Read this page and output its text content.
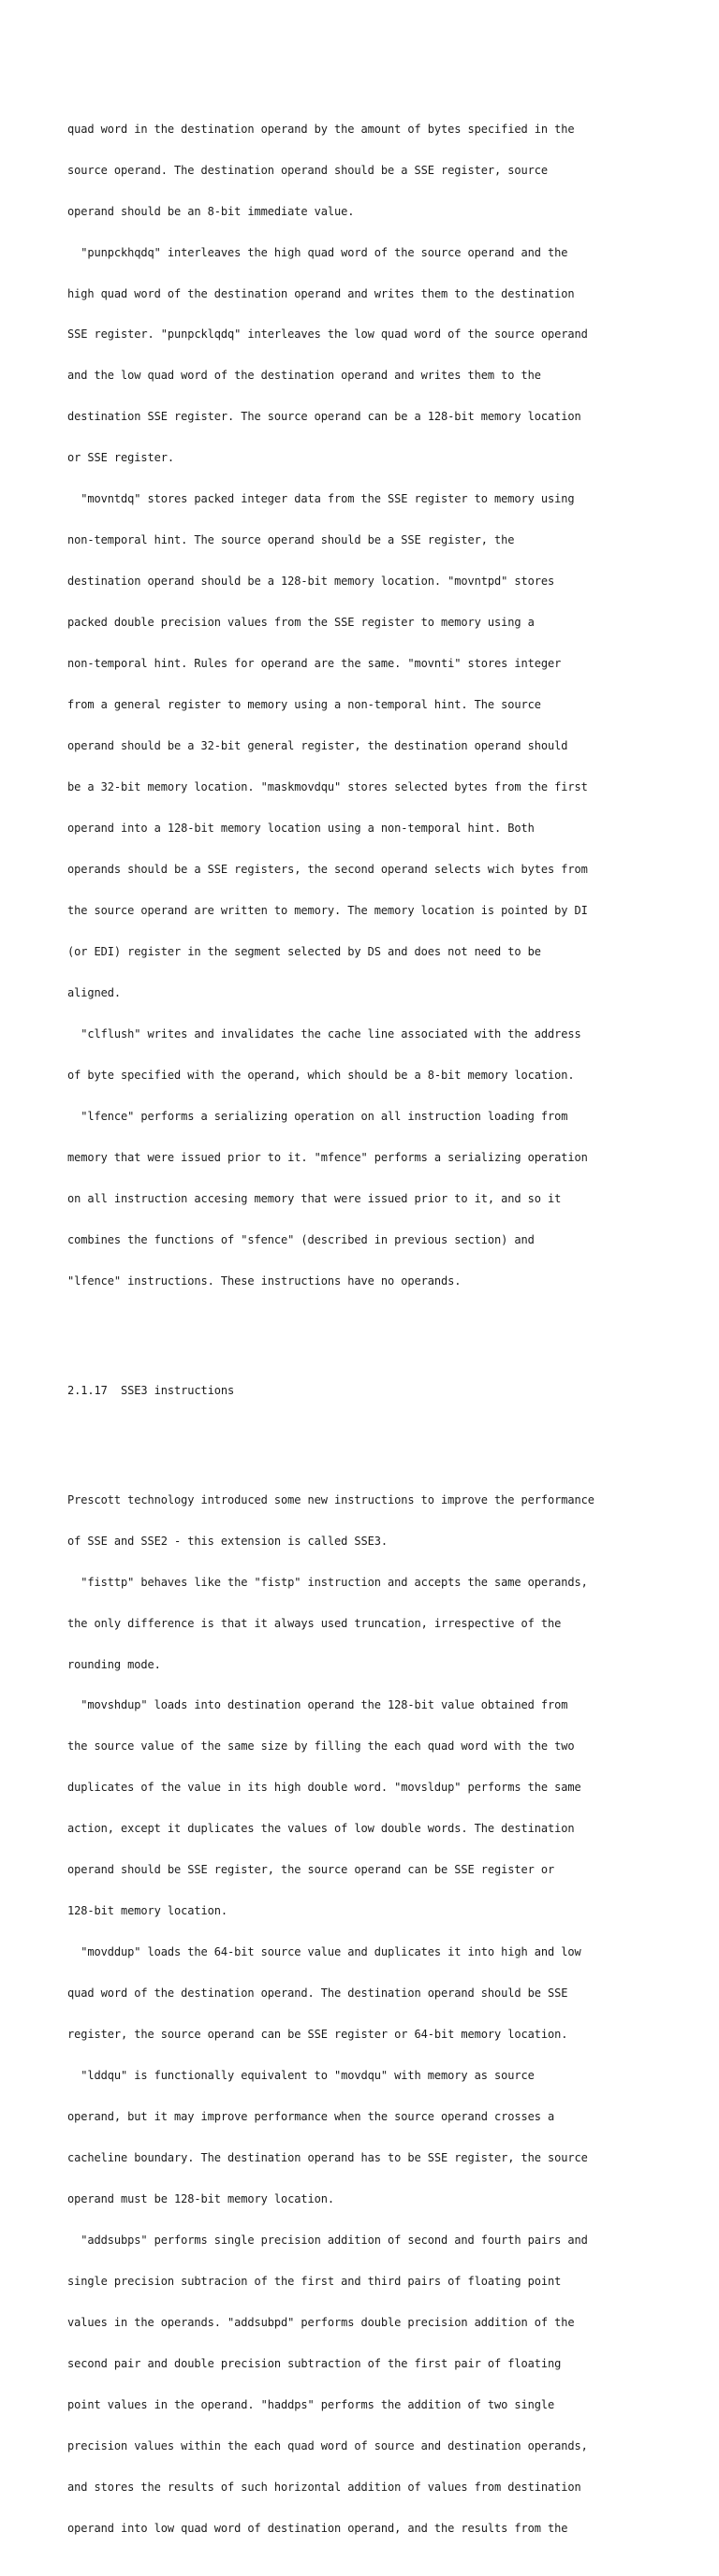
quad word in the destination operand by the amount of bytes specified in the

source operand. The destination operand should be a SSE register, source

operand should be an 8-bit immediate value.

"punpckhqdq" interleaves the high quad word of the source operand and the

high quad word of the destination operand and writes them to the destination

SSE register. "punpcklqdq" interleaves the low quad word of the source operand

and the low quad word of the destination operand and writes them to the

destination SSE register. The source operand can be a 128-bit memory location

or SSE register.

"movntdq" stores packed integer data from the SSE register to memory using

non-temporal hint. The source operand should be a SSE register, the

destination operand should be a 128-bit memory location. "movntpd" stores

packed double precision values from the SSE register to memory using a

non-temporal hint. Rules for operand are the same. "movnti" stores integer

from a general register to memory using a non-temporal hint. The source

operand should be a 32-bit general register, the destination operand should

be a 32-bit memory location. "maskmovdqu" stores selected bytes from the first

operand into a 128-bit memory location using a non-temporal hint. Both

operands should be a SSE registers, the second operand selects wich bytes from

the source operand are written to memory. The memory location is pointed by DI

(or EDI) register in the segment selected by DS and does not need to be

aligned.

"clflush" writes and invalidates the cache line associated with the address

of byte specified with the operand, which should be a 8-bit memory location.

"lfence" performs a serializing operation on all instruction loading from

memory that were issued prior to it. "mfence" performs a serializing operation

on all instruction accesing memory that were issued prior to it, and so it

combines the functions of "sfence" (described in previous section) and

"lfence" instructions. These instructions have no operands.

2.1.17 SSE3 instructions

Prescott technology introduced some new instructions to improve the performance

of SSE and SSE2 - this extension is called SSE3.

"fisttp" behaves like the "fistp" instruction and accepts the same operands,

the only difference is that it always used truncation, irrespective of the

rounding mode.

"movshdup" loads into destination operand the 128-bit value obtained from

the source value of the same size by filling the each quad word with the two

duplicates of the value in its high double word. "movsldup" performs the same

action, except it duplicates the values of low double words. The destination

operand should be SSE register, the source operand can be SSE register or

128-bit memory location.

"movddup" loads the 64-bit source value and duplicates it into high and low

quad word of the destination operand. The destination operand should be SSE

register, the source operand can be SSE register or 64-bit memory location.

"lddqu" is functionally equivalent to "movdqu" with memory as source

operand, but it may improve performance when the source operand crosses a

cacheline boundary. The destination operand has to be SSE register, the source

operand must be 128-bit memory location.

"addsubps" performs single precision addition of second and fourth pairs and

single precision subtracion of the first and third pairs of floating point

values in the operands. "addsubpd" performs double precision addition of the

second pair and double precision subtraction of the first pair of floating

point values in the operand. "haddps" performs the addition of two single

precision values within the each quad word of source and destination operands,

and stores the results of such horizontal addition of values from destination

operand into low quad word of destination operand, and the results from the
